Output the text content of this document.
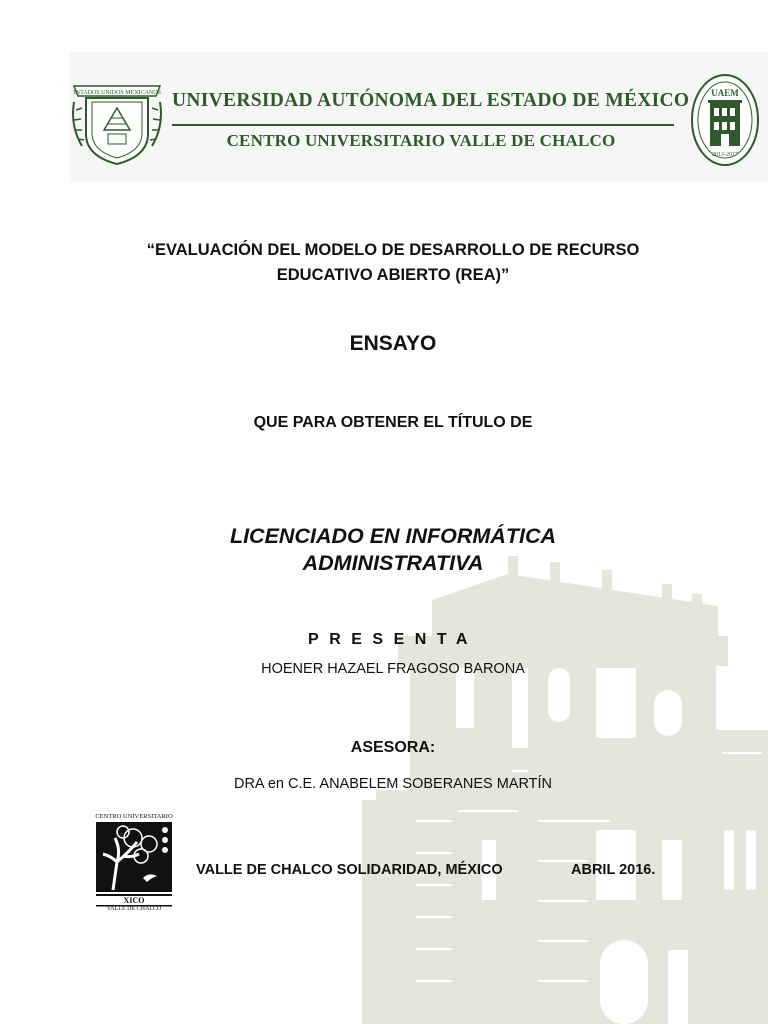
ESTADOS UNIDOS MEXICANOS UNIVERSIDAD AUTÓNOMA DEL ESTADO DE MÉXICO
CENTRO UNIVERSITARIO VALLE DE CHALCO
UAEM
2013-2017
“EVALUACIÓN DEL MODELO DE DESARROLLO DE RECURSO
EDUCATIVO ABIERTO (REA)”
ENSAYO
QUE PARA OBTENER EL TÍTULO DE
LICENCIADO EN INFORMÁTICA
ADMINISTRATIVA
PRESENTA
HOENER HAZAEL FRAGOSO BARONA
ASESORA:
DRA en C.E. ANABELEM SOBERANES MARTÍN
CENTRO UNIVERSITARIO
XICO
VALLE DE CHALCO
VALLE DE CHALCO SOLIDARIDAD, MÉXICO	ABRIL 2016.
